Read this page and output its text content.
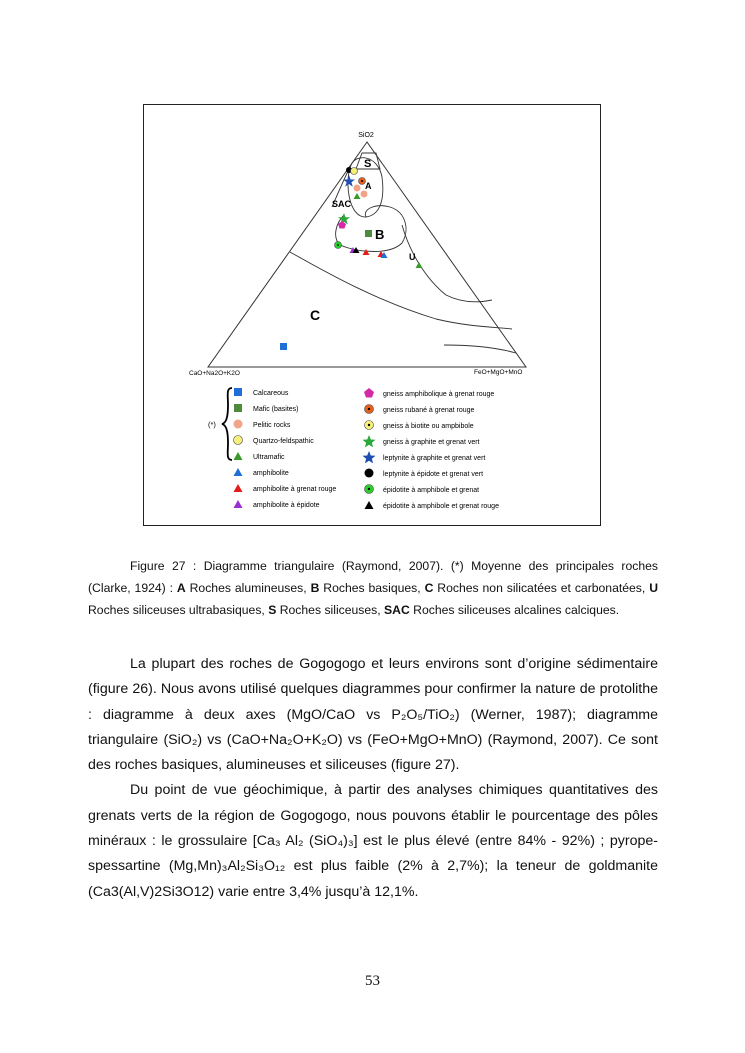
SiO2
CaO+Na2O+K2O	FeO+MgO+MnO
S
A
SAC
B
U
C
(*)
Calcareous
Mafic (basites)
Pelitic rocks
Quartzo-feldspathic
Ultramafic
amphibolite
amphibolite à grenat rouge
amphibolite à épidote
gneiss amphibolique à grenat rouge
gneiss rubané à grenat rouge
gneiss à biotite ou ampbibole
gneiss à graphite et grenat vert
leptynite à graphite et grenat vert
leptynite à épidote et grenat vert
épidotite à amphibole et grenat
épidotite à amphibole et grenat rouge

Figure 27 : Diagramme triangulaire (Raymond, 2007). (*) Moyenne des principales roches (Clarke, 1924) : A Roches alumineuses, B Roches basiques, C Roches non silicatées et carbonatées, U Roches siliceuses ultrabasiques, S Roches siliceuses, SAC Roches siliceuses alcalines calciques.

La plupart des roches de Gogogogo et leurs environs sont d’origine sédimentaire (figure 26). Nous avons utilisé quelques diagrammes pour confirmer la nature de protolithe : diagramme à deux axes (MgO/CaO vs P₂O₅/TiO₂) (Werner, 1987); diagramme triangulaire (SiO₂) vs (CaO+Na₂O+K₂O) vs (FeO+MgO+MnO) (Raymond, 2007). Ce sont des roches basiques, alumineuses et siliceuses (figure 27).

Du point de vue géochimique, à partir des analyses chimiques quantitatives des grenats verts de la région de Gogogogo, nous pouvons établir le pourcentage des pôles minéraux : le grossulaire [Ca₃ Al₂ (SiO₄)₃] est le plus élevé (entre 84% - 92%) ; pyrope-spessartine (Mg,Mn)₃Al₂Si₃O₁₂ est plus faible (2% à 2,7%); la teneur de goldmanite (Ca3(Al,V)2Si3O12) varie entre 3,4% jusqu’à 12,1%.

53
